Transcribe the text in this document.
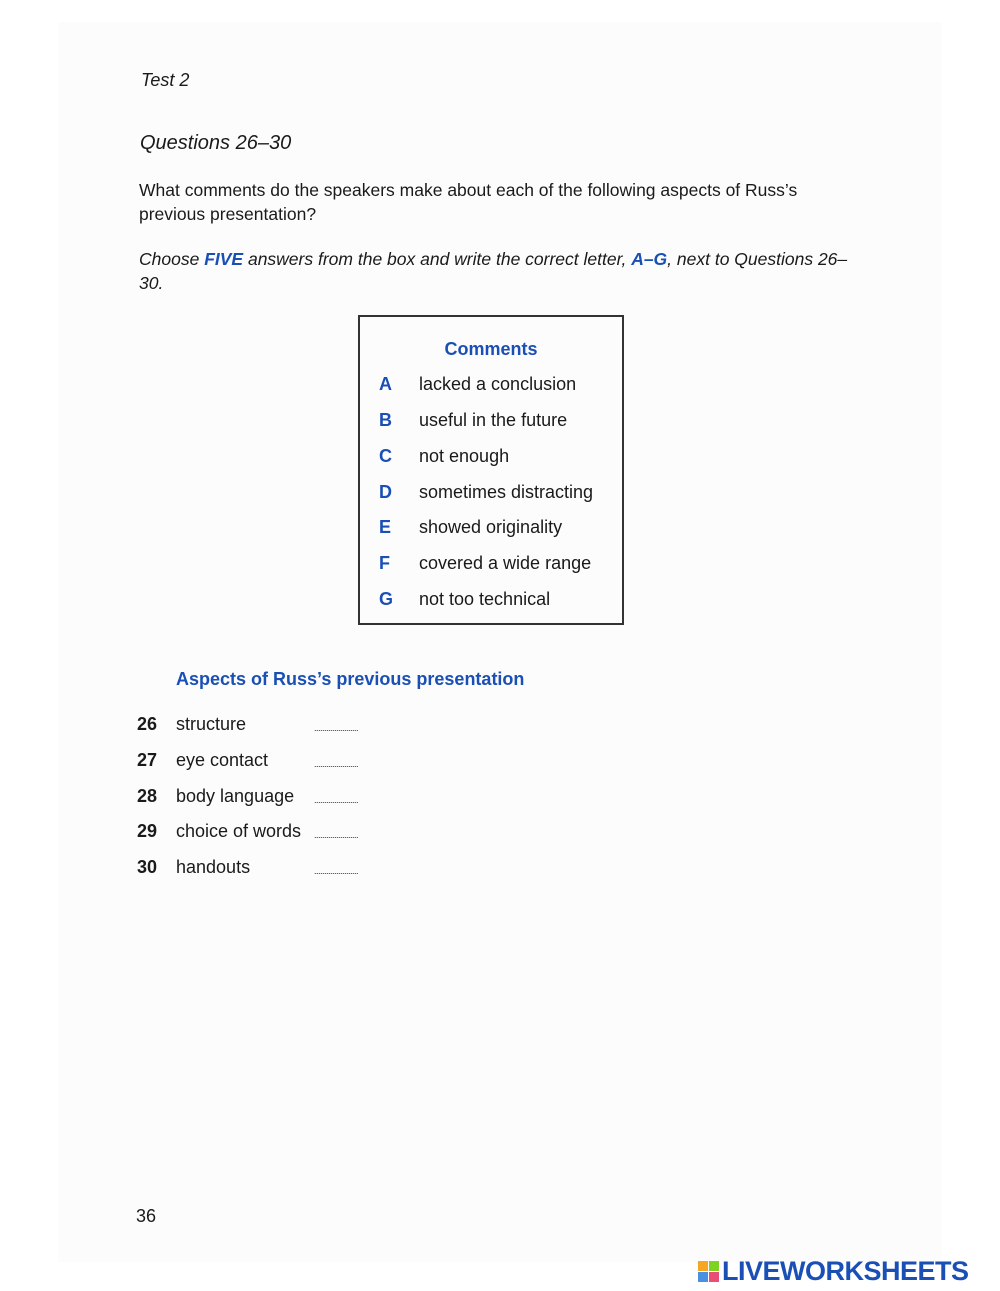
Test 2
Questions 26–30
What comments do the speakers make about each of the following aspects of Russ’s previous presentation?
Choose FIVE answers from the box and write the correct letter, A–G, next to Questions 26–30.
Comments
A	lacked a conclusion
B	useful in the future
C	not enough
D	sometimes distracting
E	showed originality
F	covered a wide range
G	not too technical
Aspects of Russ’s previous presentation
26	structure	......................
27	eye contact	......................
28	body language	......................
29	choice of words	......................
30	handouts	......................
36
LIVEWORKSHEETS
